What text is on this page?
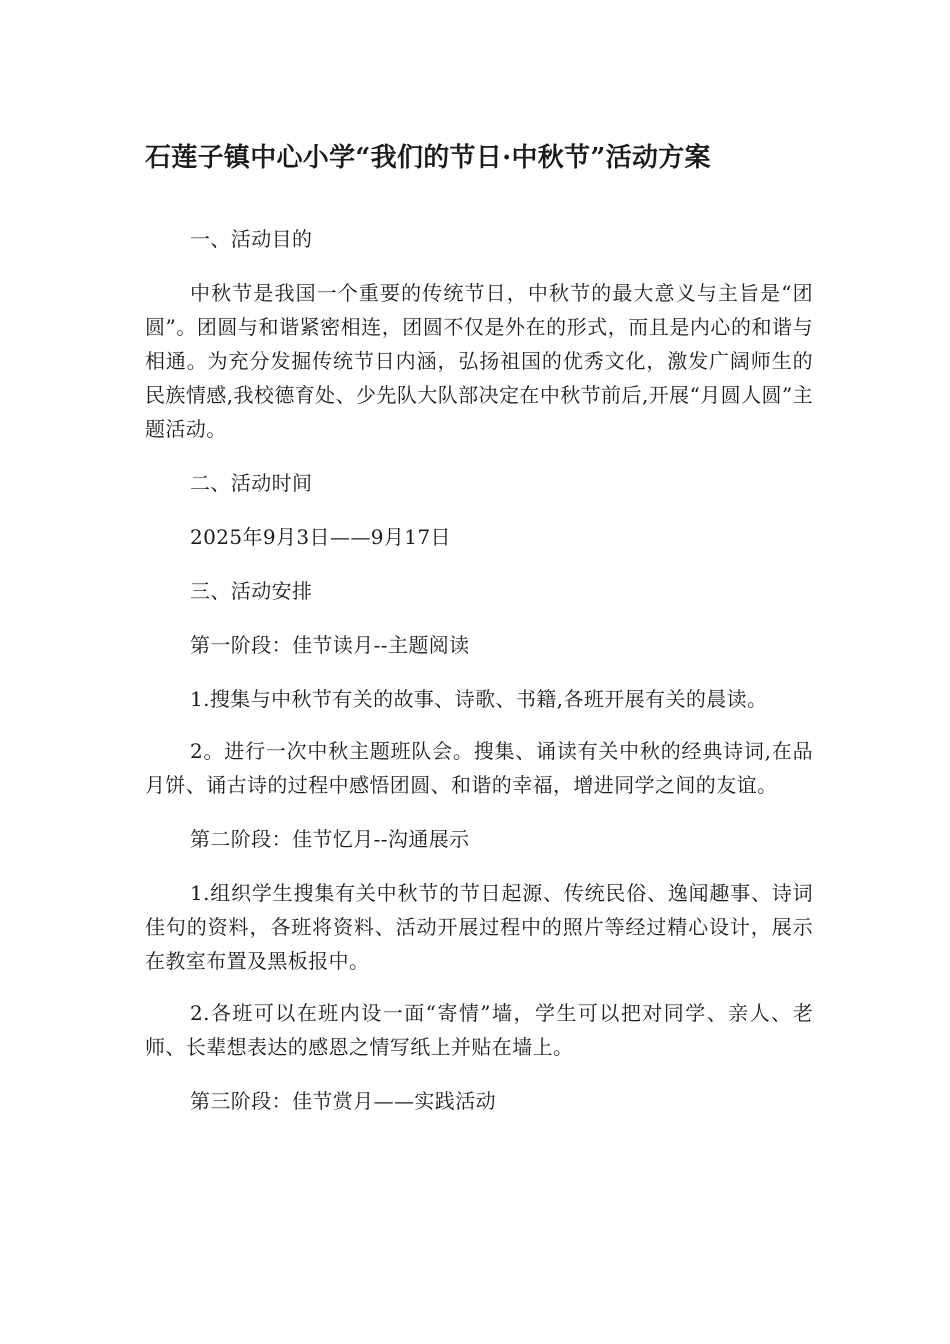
石莲子镇中心小学“我们的节日·中秋节”活动方案

一、活动目的

中秋节是我国一个重要的传统节日，中秋节的最大意义与主旨是“团圆”。团圆与和谐紧密相连，团圆不仅是外在的形式，而且是内心的和谐与相通。为充分发掘传统节日内涵，弘扬祖国的优秀文化，激发广阔师生的民族情感,我校德育处、少先队大队部决定在中秋节前后,开展“月圆人圆”主题活动。

二、活动时间

2025年9月3日——9月17日

三、活动安排

第一阶段：佳节读月--主题阅读

1.搜集与中秋节有关的故事、诗歌、书籍,各班开展有关的晨读。

2。进行一次中秋主题班队会。搜集、诵读有关中秋的经典诗词,在品月饼、诵古诗的过程中感悟团圆、和谐的幸福，增进同学之间的友谊。

第二阶段：佳节忆月--沟通展示

1.组织学生搜集有关中秋节的节日起源、传统民俗、逸闻趣事、诗词佳句的资料，各班将资料、活动开展过程中的照片等经过精心设计，展示在教室布置及黑板报中。

2.各班可以在班内设一面“寄情”墙，学生可以把对同学、亲人、老师、长辈想表达的感恩之情写纸上并贴在墙上。

第三阶段：佳节赏月——实践活动
